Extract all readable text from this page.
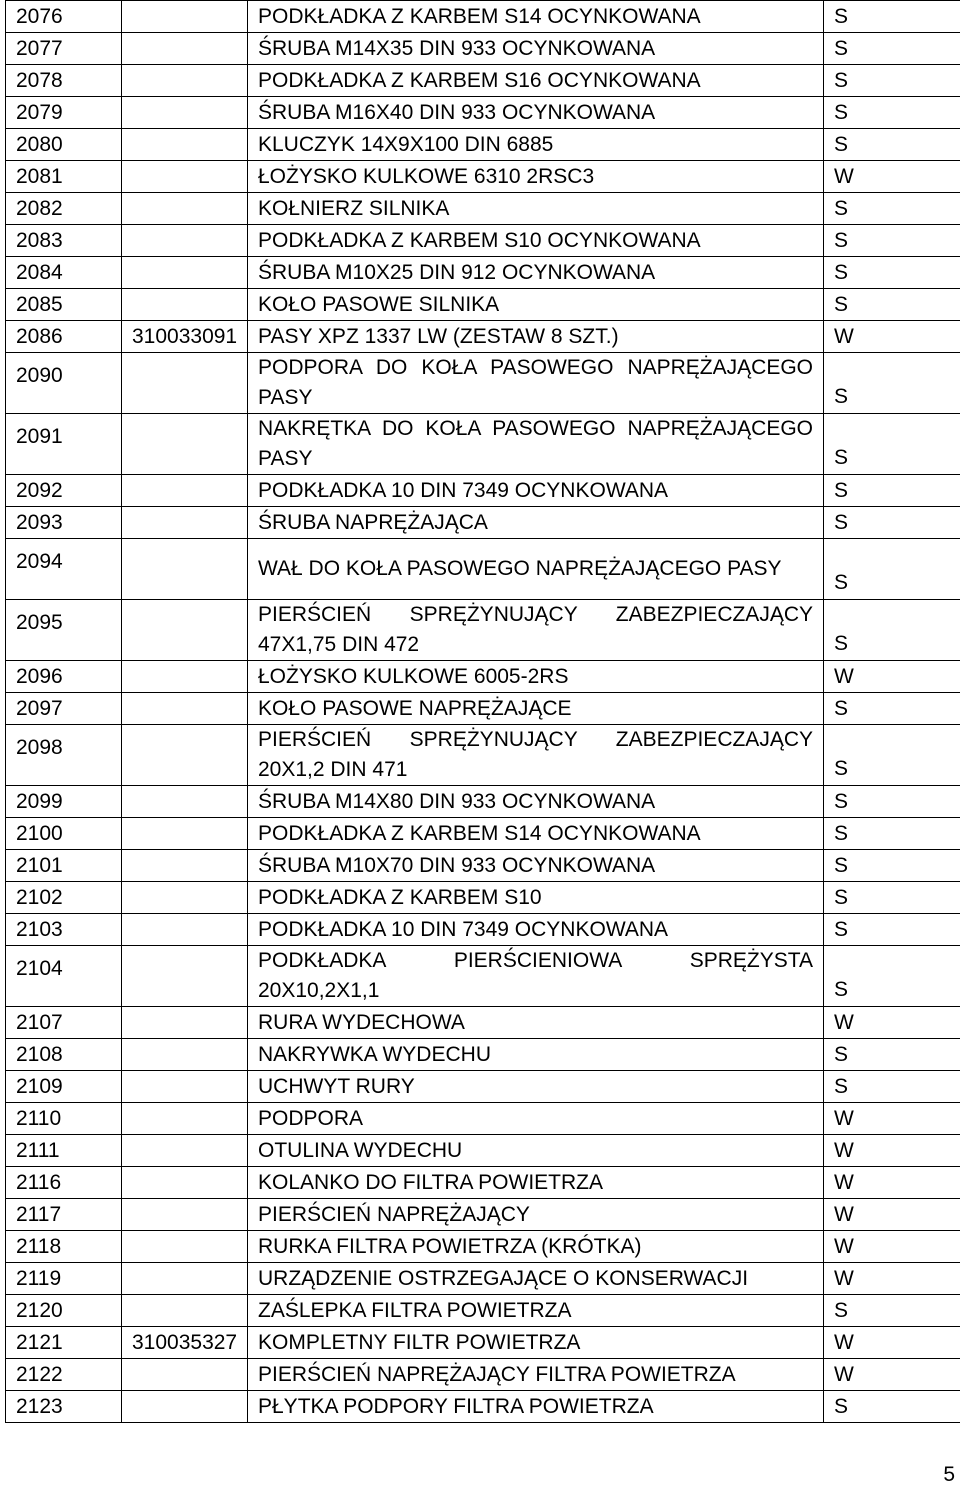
2076		PODKŁADKA Z KARBEM S14 OCYNKOWANA	S
2077		ŚRUBA M14X35 DIN 933 OCYNKOWANA	S
2078		PODKŁADKA Z KARBEM S16 OCYNKOWANA	S
2079		ŚRUBA M16X40 DIN 933 OCYNKOWANA	S
2080		KLUCZYK 14X9X100 DIN 6885	S
2081		ŁOŻYSKO KULKOWE 6310 2RSC3	W
2082		KOŁNIERZ SILNIKA	S
2083		PODKŁADKA Z KARBEM S10 OCYNKOWANA	S
2084		ŚRUBA M10X25 DIN 912 OCYNKOWANA	S
2085		KOŁO PASOWE SILNIKA	S
2086	310033091	PASY XPZ 1337 LW (ZESTAW 8 SZT.)	W
2090		PODPORA DO KOŁA PASOWEGO NAPRĘŻAJĄCEGO PASY	S
2091		NAKRĘTKA DO KOŁA PASOWEGO NAPRĘŻAJĄCEGO PASY	S
2092		PODKŁADKA 10 DIN 7349 OCYNKOWANA	S
2093		ŚRUBA NAPRĘŻAJĄCA	S
2094		WAŁ DO KOŁA PASOWEGO NAPRĘŻAJĄCEGO PASY	S
2095		PIERŚCIEŃ SPRĘŻYNUJĄCY ZABEZPIECZAJĄCY 47X1,75 DIN 472	S
2096		ŁOŻYSKO KULKOWE 6005-2RS	W
2097		KOŁO PASOWE NAPRĘŻAJĄCE	S
2098		PIERŚCIEŃ SPRĘŻYNUJĄCY ZABEZPIECZAJĄCY 20X1,2 DIN 471	S
2099		ŚRUBA M14X80 DIN 933 OCYNKOWANA	S
2100		PODKŁADKA Z KARBEM S14 OCYNKOWANA	S
2101		ŚRUBA M10X70 DIN 933 OCYNKOWANA	S
2102		PODKŁADKA Z KARBEM S10	S
2103		PODKŁADKA 10 DIN 7349 OCYNKOWANA	S
2104		PODKŁADKA PIERŚCIENIOWA SPRĘŻYSTA 20X10,2X1,1	S
2107		RURA WYDECHOWA	W
2108		NAKRYWKA WYDECHU	S
2109		UCHWYT RURY	S
2110		PODPORA	W
2111		OTULINA WYDECHU	W
2116		KOLANKO DO FILTRA POWIETRZA	W
2117		PIERŚCIEŃ NAPRĘŻAJĄCY	W
2118		RURKA FILTRA POWIETRZA (KRÓTKA)	W
2119		URZĄDZENIE OSTRZEGAJĄCE O KONSERWACJI	W
2120		ZAŚLEPKA FILTRA POWIETRZA	S
2121	310035327	KOMPLETNY FILTR POWIETRZA	W
2122		PIERŚCIEŃ NAPRĘŻAJĄCY FILTRA POWIETRZA	W
2123		PŁYTKA PODPORY FILTRA POWIETRZA	S
5
